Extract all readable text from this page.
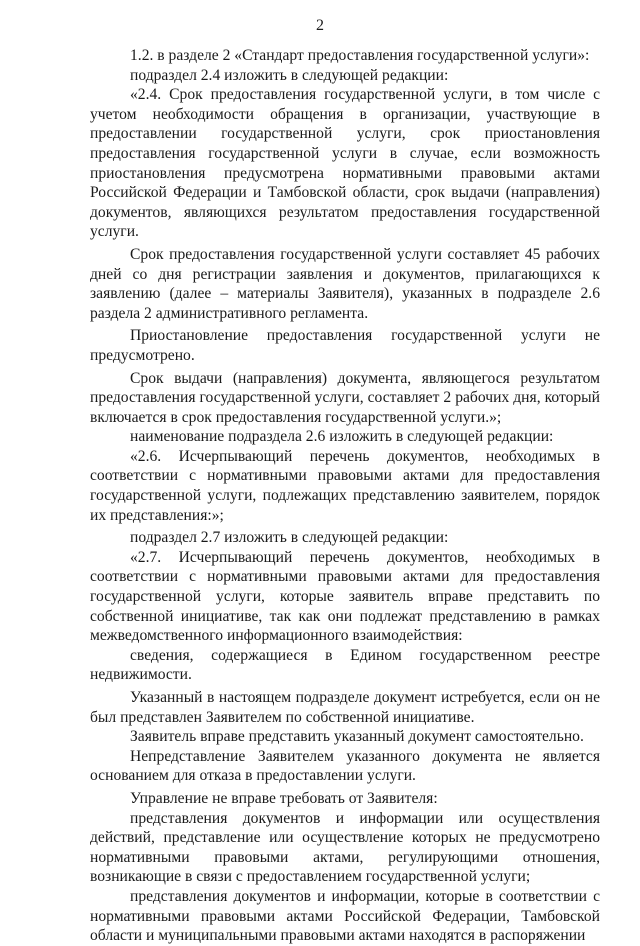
2

1.2. в разделе 2 «Стандарт предоставления государственной услуги»:

подраздел 2.4 изложить в следующей редакции:

«2.4. Срок предоставления государственной услуги, в том числе с учетом необходимости обращения в организации, участвующие в предоставлении государственной услуги, срок приостановления предоставления государственной услуги в случае, если возможность приостановления предусмотрена нормативными правовыми актами Российской Федерации и Тамбовской области, срок выдачи (направления) документов, являющихся результатом предоставления государственной услуги.

Срок предоставления государственной услуги составляет 45 рабочих дней со дня регистрации заявления и документов, прилагающихся к заявлению (далее – материалы Заявителя), указанных в подразделе 2.6 раздела 2 административного регламента.

Приостановление предоставления государственной услуги не предусмотрено.

Срок выдачи (направления) документа, являющегося результатом предоставления государственной услуги, составляет 2 рабочих дня, который включается в срок предоставления государственной услуги.»;

наименование подраздела 2.6 изложить в следующей редакции:

«2.6. Исчерпывающий перечень документов, необходимых в соответствии с нормативными правовыми актами для предоставления государственной услуги, подлежащих представлению заявителем, порядок их представления:»;

подраздел 2.7 изложить в следующей редакции:

«2.7. Исчерпывающий перечень документов, необходимых в соответствии с нормативными правовыми актами для предоставления государственной услуги, которые заявитель вправе представить по собственной инициативе, так как они подлежат представлению в рамках межведомственного информационного взаимодействия:

сведения, содержащиеся в Едином государственном реестре недвижимости.

Указанный в настоящем подразделе документ истребуется, если он не был представлен Заявителем по собственной инициативе.

Заявитель вправе представить указанный документ самостоятельно.

Непредставление Заявителем указанного документа не является основанием для отказа в предоставлении услуги.

Управление не вправе требовать от Заявителя:

представления документов и информации или осуществления действий, представление или осуществление которых не предусмотрено нормативными правовыми актами, регулирующими отношения, возникающие в связи с предоставлением государственной услуги;

представления документов и информации, которые в соответствии с нормативными правовыми актами Российской Федерации, Тамбовской области и муниципальными правовыми актами находятся в распоряжении
